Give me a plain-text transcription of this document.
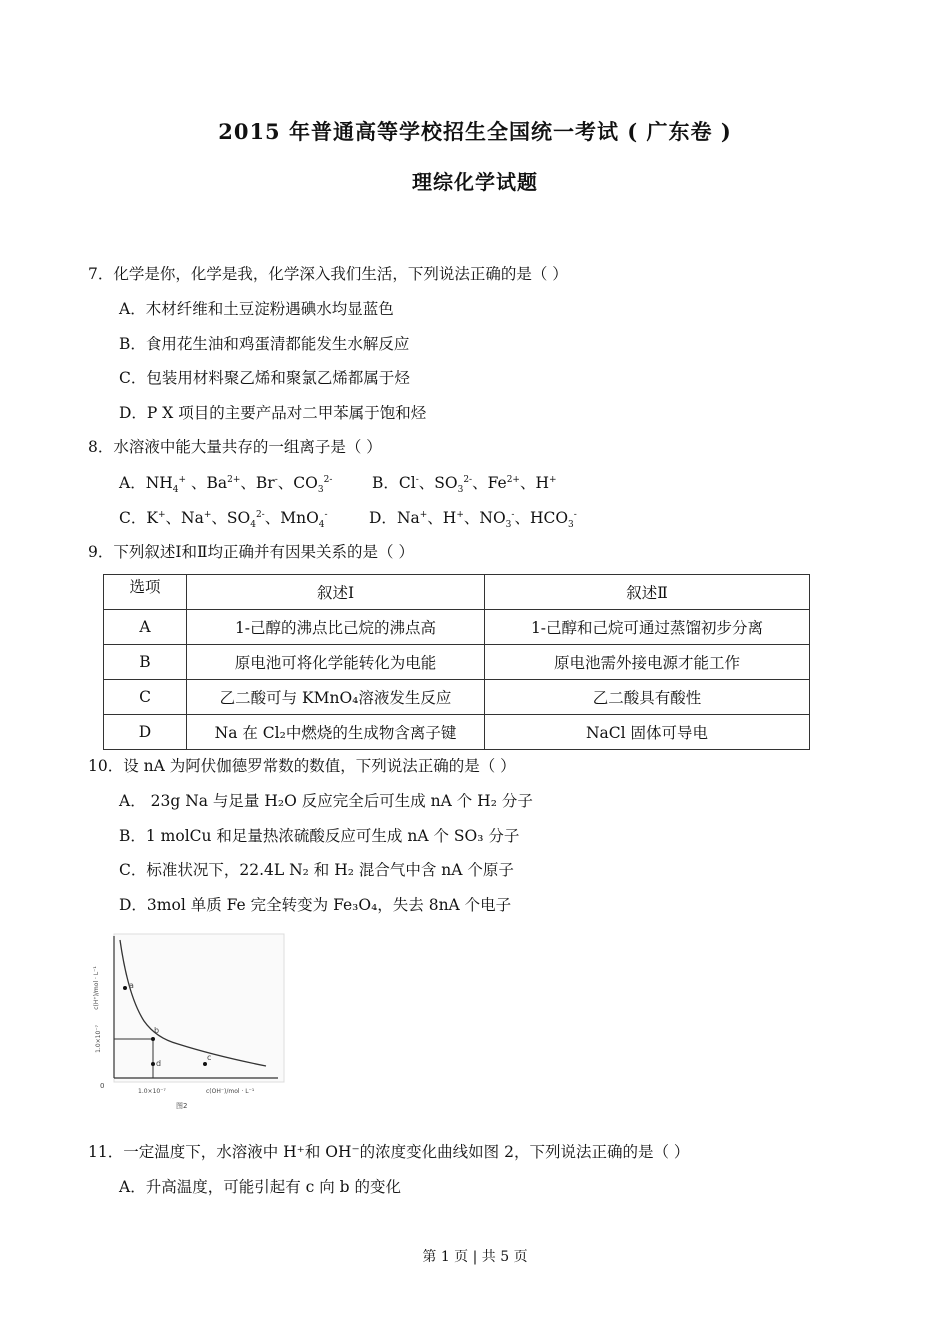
2015 年普通高等学校招生全国统一考试 ( 广东卷 )
理综化学试题
7．化学是你，化学是我，化学深入我们生活，下列说法正确的是（ ）
A．木材纤维和土豆淀粉遇碘水均显蓝色
B．食用花生油和鸡蛋清都能发生水解反应
C．包装用材料聚乙烯和聚氯乙烯都属于烃
D．P X 项目的主要产品对二甲苯属于饱和烃
8．水溶液中能大量共存的一组离子是（ ）
A．$NH_4^+$ 、$Ba^{2+}$、Br-、$CO_3^{2-}$	B．Cl-、$SO_3^{2-}$、$Fe^{2+}$、H+
C．K+、Na+、$SO_4^{2-}$、MnO$_4$-	D．Na+、H+、$NO_3^-$、$HCO_3^-$
9．下列叙述Ⅰ和Ⅱ均正确并有因果关系的是（ ）
选项	叙述Ⅰ	叙述Ⅱ
A	1-己醇的沸点比己烷的沸点高	1-己醇和己烷可通过蒸馏初步分离
B	原电池可将化学能转化为电能	原电池需外接电源才能工作
C	乙二酸可与 KMnO₄溶液发生反应	乙二酸具有酸性
D	Na 在 Cl₂中燃烧的生成物含离子键	NaCl 固体可导电
10．设 nA 为阿伏伽德罗常数的数值，下列说法正确的是（ ）
A． 23g Na 与足量 H₂O 反应完全后可生成 nA 个 H₂ 分子
B．1 molCu 和足量热浓硫酸反应可生成 nA 个 SO₃ 分子
C．标准状况下，22.4L N₂ 和 H₂ 混合气中含 nA 个原子
D．3mol 单质 Fe 完全转变为 Fe₃O₄，失去 8nA 个电子
a
b
c
d
c(H⁺)/mol · L⁻¹
1.0×10⁻⁷
0
1.0×10⁻⁷	c(OH⁻)/mol · L⁻¹
图2
11．一定温度下，水溶液中 H⁺和 OH⁻的浓度变化曲线如图 2，下列说法正确的是（ ）
A．升高温度，可能引起有 c 向 b 的变化
第 1 页 | 共 5 页
